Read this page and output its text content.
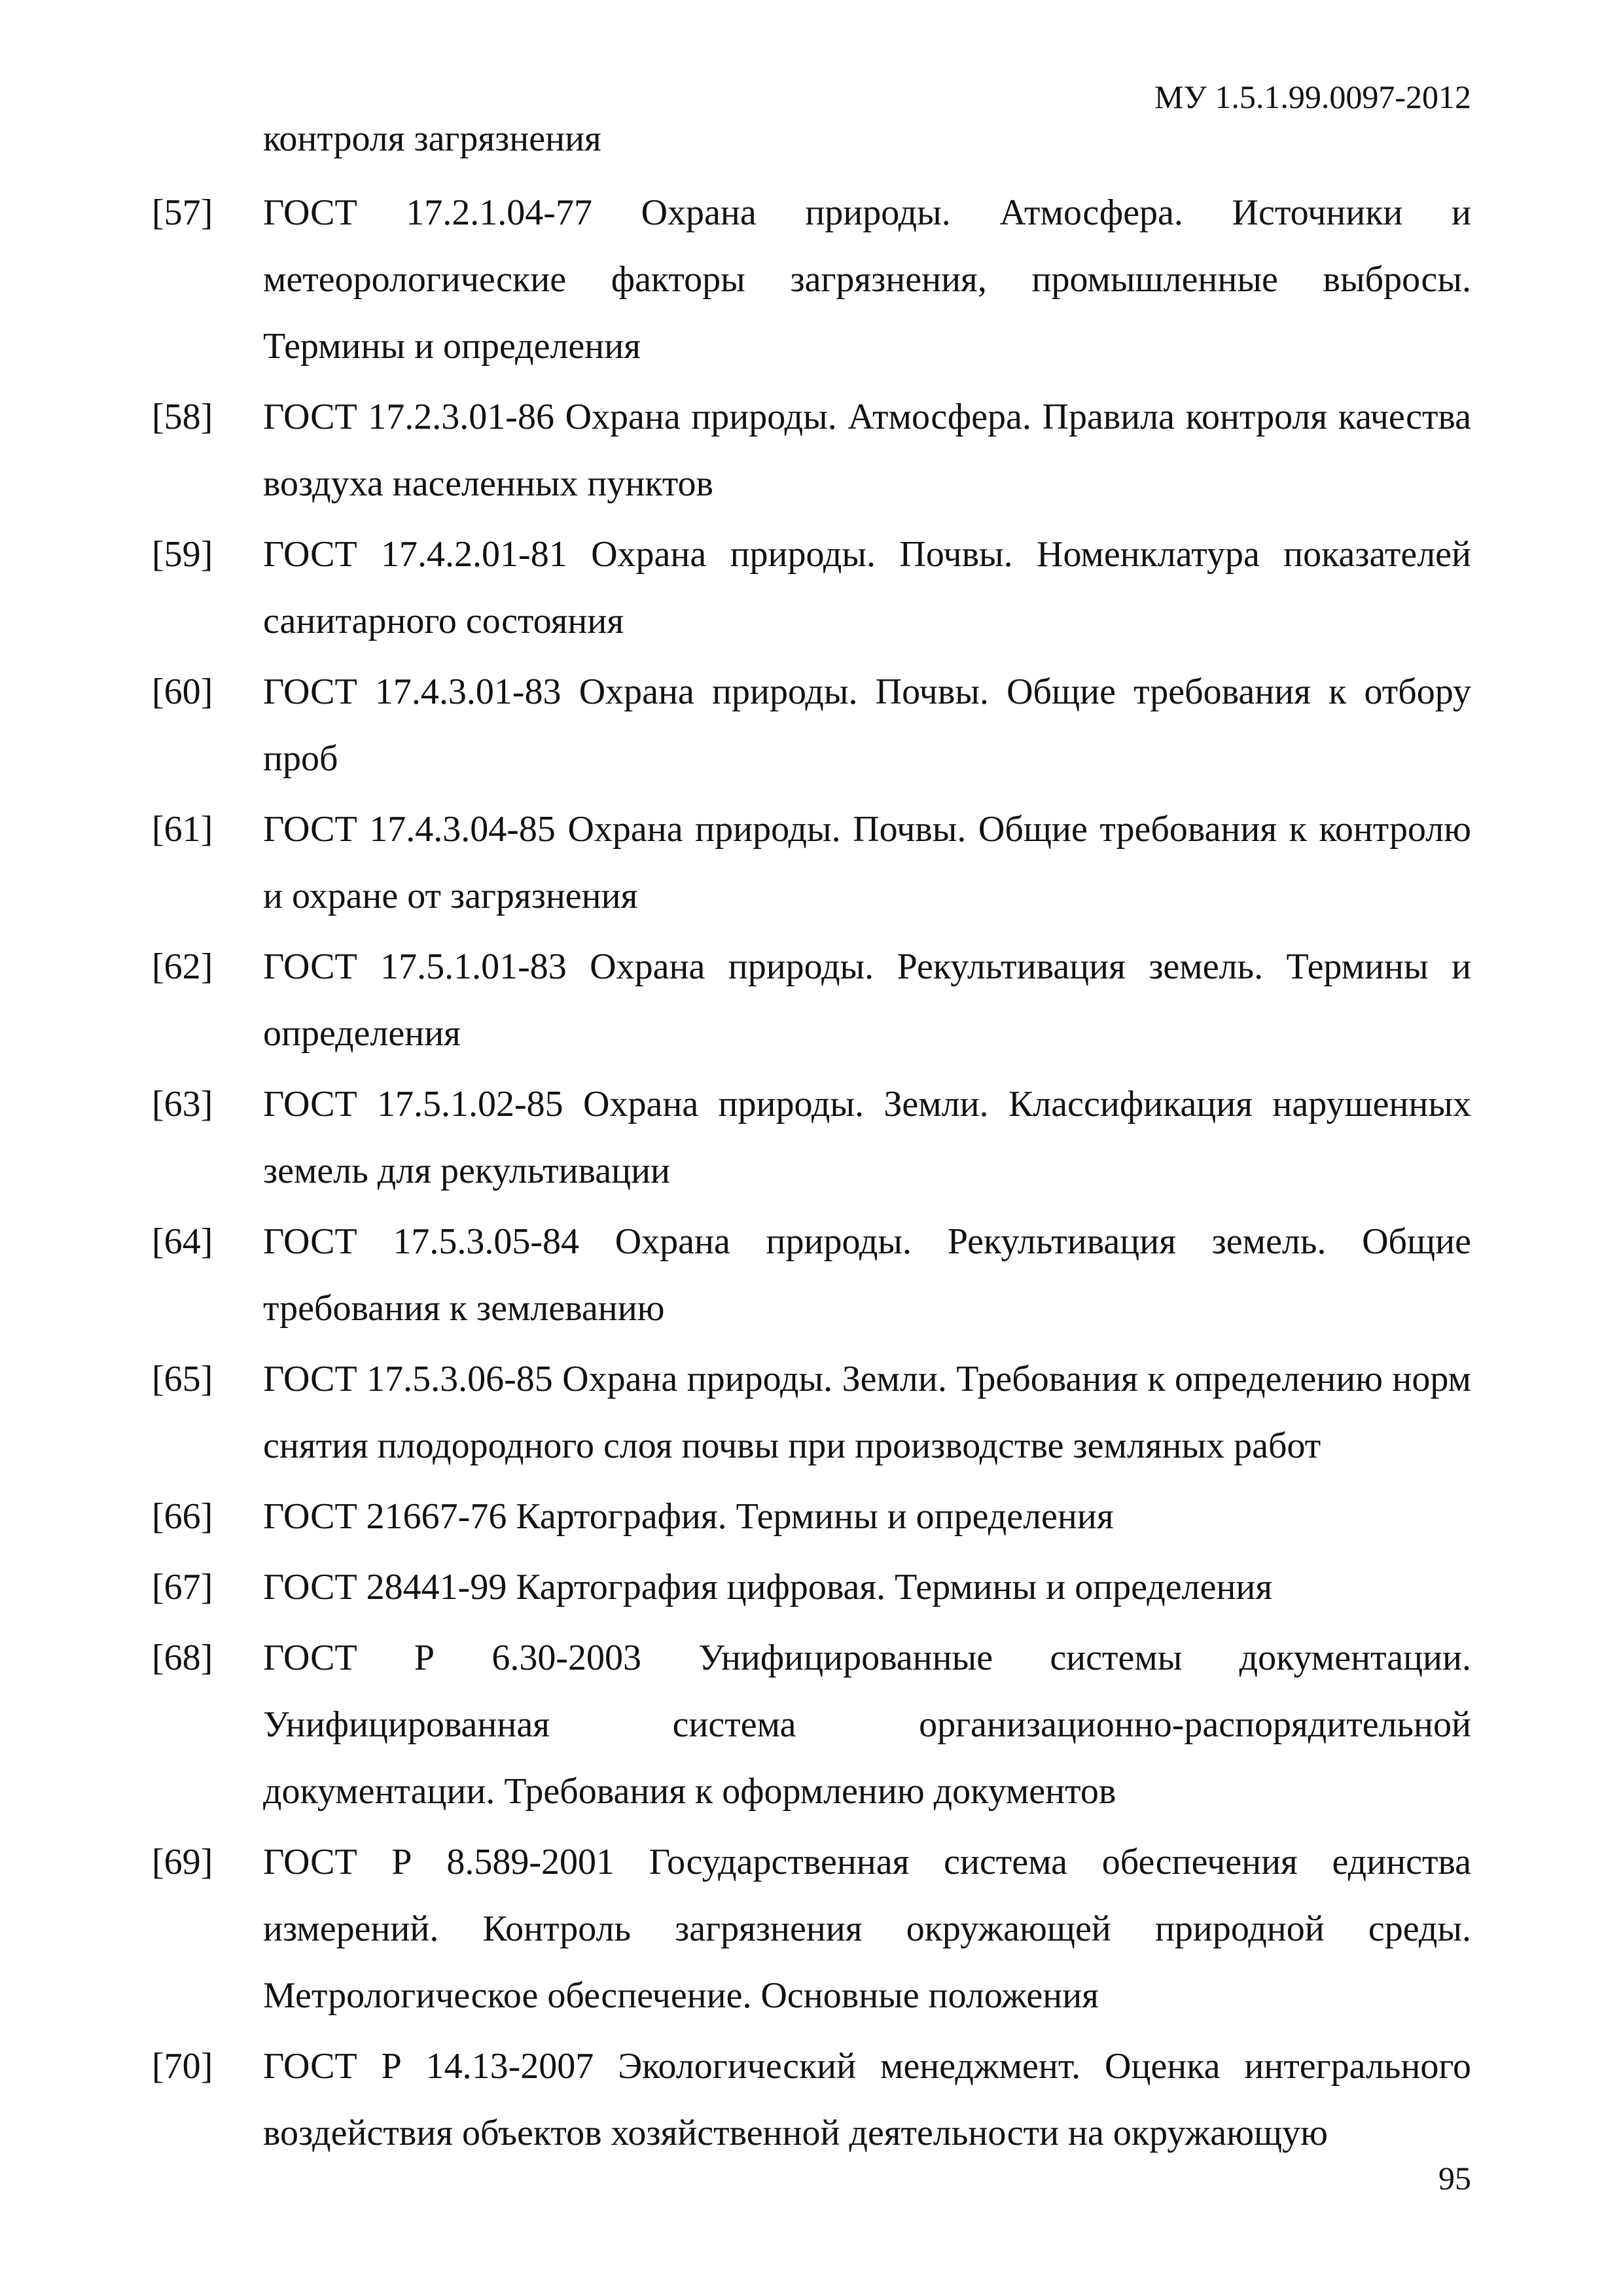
МУ 1.5.1.99.0097-2012
контроля загрязнения
[57] ГОСТ 17.2.1.04-77 Охрана природы. Атмосфера. Источники и метеорологические факторы загрязнения, промышленные выбросы. Термины и определения
[58] ГОСТ 17.2.3.01-86 Охрана природы. Атмосфера. Правила контроля качества воздуха населенных пунктов
[59] ГОСТ 17.4.2.01-81 Охрана природы. Почвы. Номенклатура показателей санитарного состояния
[60] ГОСТ 17.4.3.01-83 Охрана природы. Почвы. Общие требования к отбору проб
[61] ГОСТ 17.4.3.04-85 Охрана природы. Почвы. Общие требования к контролю и охране от загрязнения
[62] ГОСТ 17.5.1.01-83 Охрана природы. Рекультивация земель. Термины и определения
[63] ГОСТ 17.5.1.02-85 Охрана природы. Земли. Классификация нарушенных земель для рекультивации
[64] ГОСТ 17.5.3.05-84 Охрана природы. Рекультивация земель. Общие требования к землеванию
[65] ГОСТ 17.5.3.06-85 Охрана природы. Земли. Требования к определению норм снятия плодородного слоя почвы при производстве земляных работ
[66] ГОСТ 21667-76 Картография. Термины и определения
[67] ГОСТ 28441-99 Картография цифровая. Термины и определения
[68] ГОСТ Р 6.30-2003 Унифицированные системы документации. Унифицированная система организационно-распорядительной документации. Требования к оформлению документов
[69] ГОСТ Р 8.589-2001 Государственная система обеспечения единства измерений. Контроль загрязнения окружающей природной среды. Метрологическое обеспечение. Основные положения
[70] ГОСТ Р 14.13-2007 Экологический менеджмент. Оценка интегрального воздействия объектов хозяйственной деятельности на окружающую
95
